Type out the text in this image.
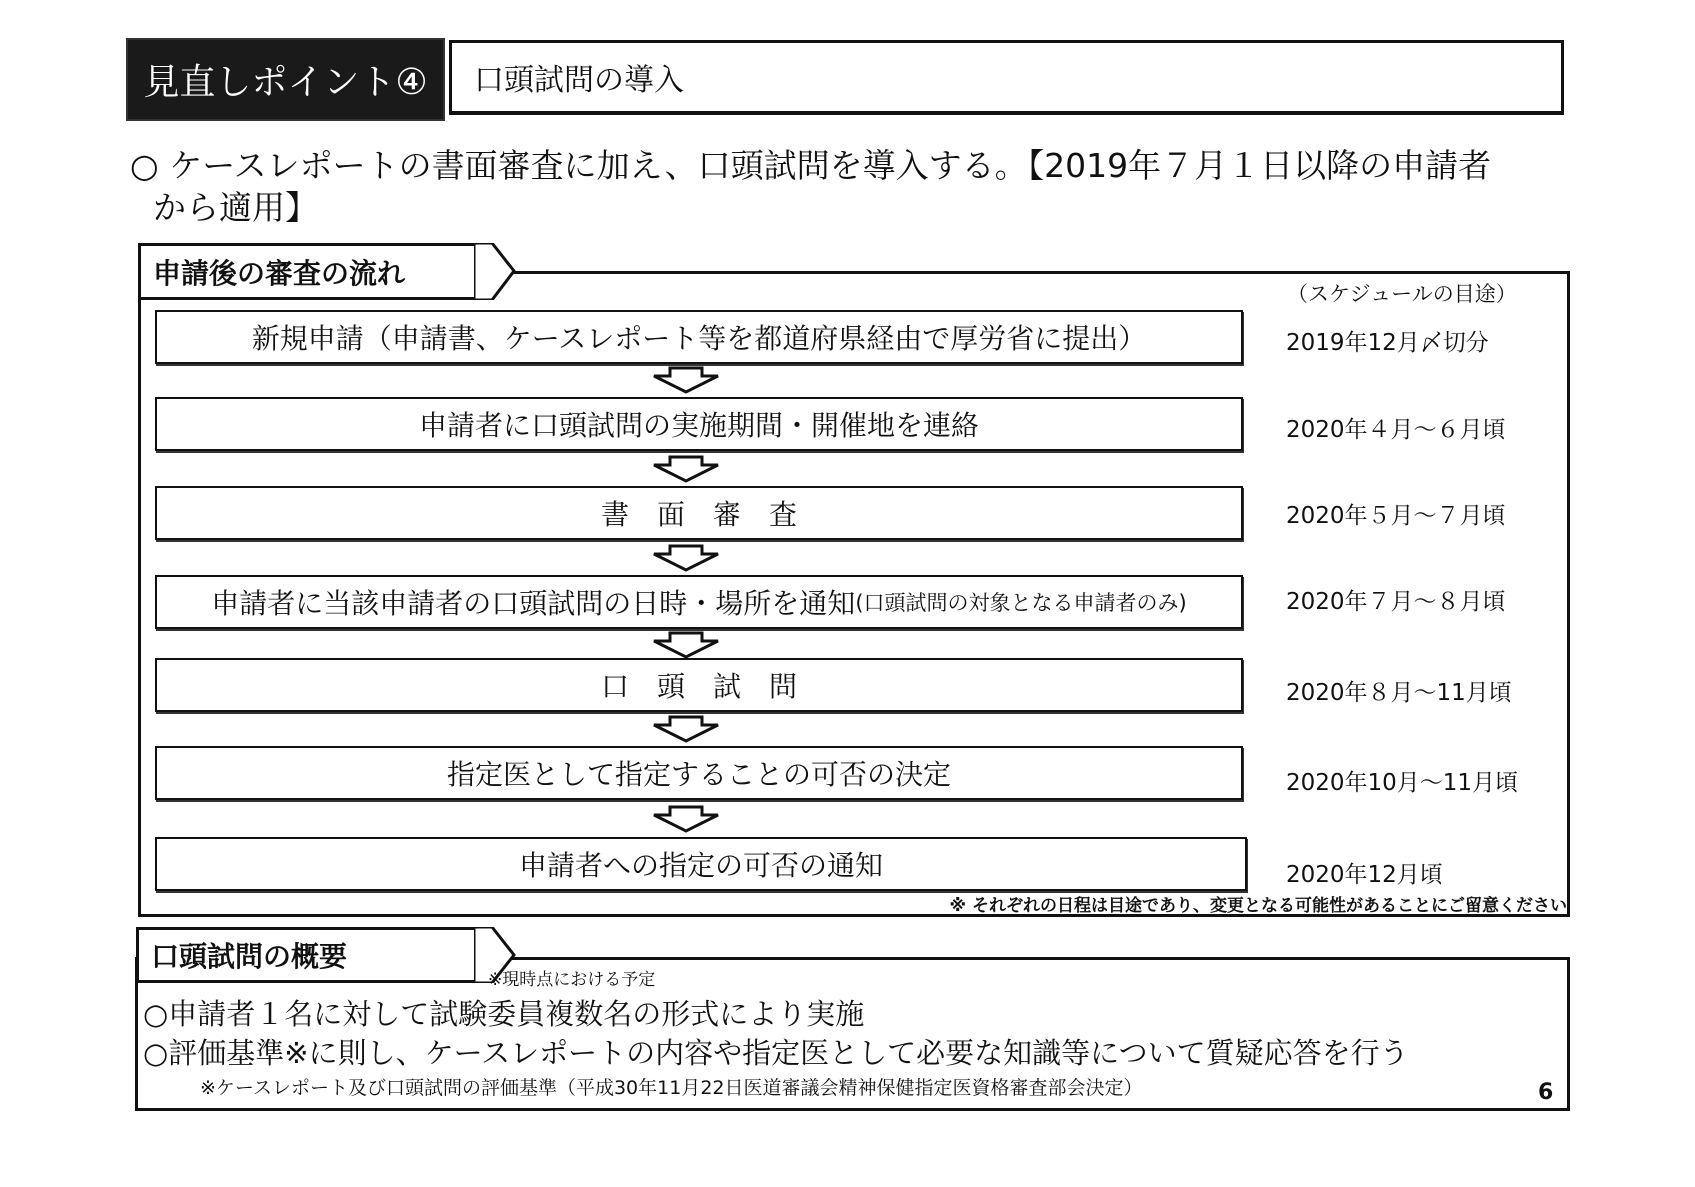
見直しポイント④	口頭試問の導入
○ ケースレポートの書面審査に加え、口頭試問を導入する。【2019年７月１日以降の申請者
から適用】
申請後の審査の流れ
（スケジュールの目途）
新規申請（申請書、ケースレポート等を都道府県経由で厚労省に提出）
申請者に口頭試問の実施期間・開催地を連絡
書　面　審　査
申請者に当該申請者の口頭試問の日時・場所を通知 (口頭試問の対象となる申請者のみ)
口　頭　試　問
指定医として指定することの可否の決定
申請者への指定の可否の通知
2019年12月〆切分
2020年４月～６月頃
2020年５月～７月頃
2020年７月～８月頃
2020年８月～11月頃
2020年10月～11月頃
2020年12月頃
※ それぞれの日程は目途であり、変更となる可能性があることにご留意ください
口頭試問の概要
※現時点における予定
○申請者１名に対して試験委員複数名の形式により実施
○評価基準※に則し、ケースレポートの内容や指定医として必要な知識等について質疑応答を行う
※ケースレポート及び口頭試問の評価基準（平成30年11月22日医道審議会精神保健指定医資格審査部会決定）	6
